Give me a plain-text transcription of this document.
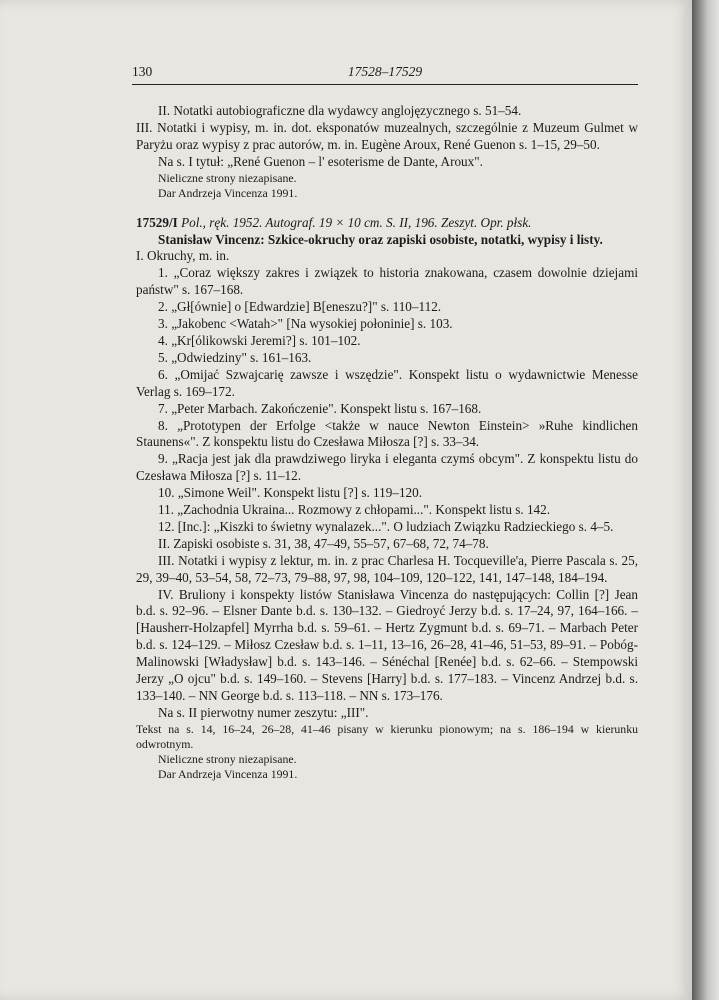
130	17528–17529

II. Notatki autobiograficzne dla wydawcy anglojęzycznego s. 51–54.

III. Notatki i wypisy, m. in. dot. eksponatów muzealnych, szczególnie z Muzeum Gulmet w Paryżu oraz wypisy z prac autorów, m. in. Eugène Aroux, René Guenon s. 1–15, 29–50.

Na s. I tytuł: „René Guenon – l' esoterisme de Dante, Aroux".

Nieliczne strony niezapisane.

Dar Andrzeja Vincenza 1991.

17529/I Pol., ręk. 1952. Autograf. 19 × 10 cm. S. II, 196. Zeszyt. Opr. płsk.

Stanisław Vincenz: Szkice-okruchy oraz zapiski osobiste, notatki, wypisy i listy.

I. Okruchy, m. in.

1. „Coraz większy zakres i związek to historia znakowana, czasem dowolnie dziejami państw" s. 167–168.

2. „Gł[ównie] o [Edwardzie] B[eneszu?]" s. 110–112.

3. „Jakobenc <Watah>" [Na wysokiej połoninie] s. 103.

4. „Kr[ólikowski Jeremi?] s. 101–102.

5. „Odwiedziny" s. 161–163.

6. „Omijać Szwajcarię zawsze i wszędzie". Konspekt listu o wydawnictwie Menesse Verlag s. 169–172.

7. „Peter Marbach. Zakończenie". Konspekt listu s. 167–168.

8. „Prototypen der Erfolge <także w nauce Newton Einstein> »Ruhe kindlichen Staunens«". Z konspektu listu do Czesława Miłosza [?] s. 33–34.

9. „Racja jest jak dla prawdziwego liryka i eleganta czymś obcym". Z konspektu listu do Czesława Miłosza [?] s. 11–12.

10. „Simone Weil". Konspekt listu [?] s. 119–120.

11. „Zachodnia Ukraina... Rozmowy z chłopami...". Konspekt listu s. 142.

12. [Inc.]: „Kiszki to świetny wynalazek...". O ludziach Związku Radzieckiego s. 4–5.

II. Zapiski osobiste s. 31, 38, 47–49, 55–57, 67–68, 72, 74–78.

III. Notatki i wypisy z lektur, m. in. z prac Charlesa H. Tocqueville'a, Pierre Pascala s. 25, 29, 39–40, 53–54, 58, 72–73, 79–88, 97, 98, 104–109, 120–122, 141, 147–148, 184–194.

IV. Bruliony i konspekty listów Stanisława Vincenza do następujących: Collin [?] Jean b.d. s. 92–96. – Elsner Dante b.d. s. 130–132. – Giedroyć Jerzy b.d. s. 17–24, 97, 164–166. – [Hausherr-Holzapfel] Myrrha b.d. s. 59–61. – Hertz Zygmunt b.d. s. 69–71. – Marbach Peter b.d. s. 124–129. – Miłosz Czesław b.d. s. 1–11, 13–16, 26–28, 41–46, 51–53, 89–91. – Pobóg-Malinowski [Władysław] b.d. s. 143–146. – Sénéchal [Renée] b.d. s. 62–66. – Stempowski Jerzy „O ojcu" b.d. s. 149–160. – Stevens [Harry] b.d. s. 177–183. – Vincenz Andrzej b.d. s. 133–140. – NN George b.d. s. 113–118. – NN s. 173–176.

Na s. II pierwotny numer zeszytu: „III".

Tekst na s. 14, 16–24, 26–28, 41–46 pisany w kierunku pionowym; na s. 186–194 w kierunku odwrotnym.

Nieliczne strony niezapisane.

Dar Andrzeja Vincenza 1991.
